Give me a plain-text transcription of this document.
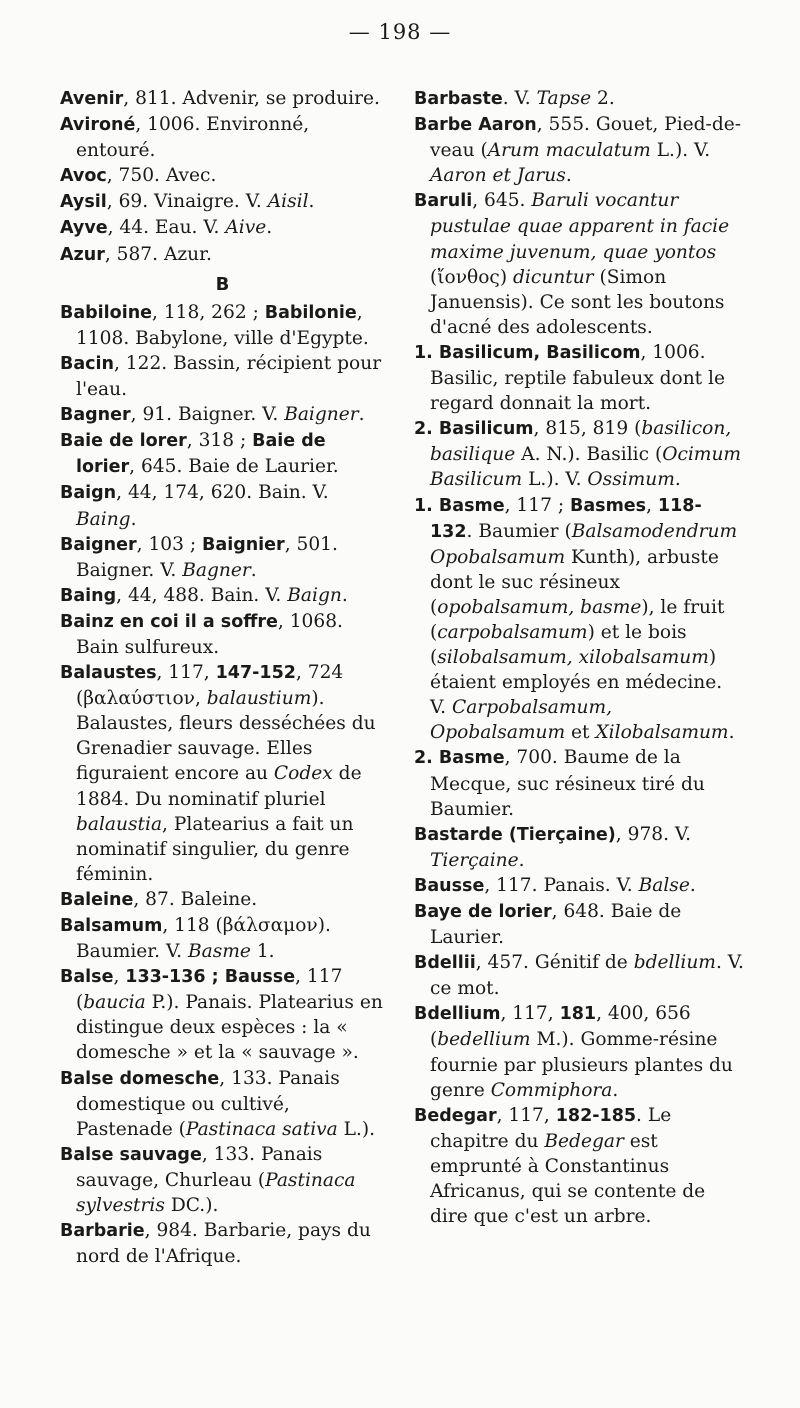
— 198 —

Avenir, 811. Advenir, se produire.

Avironé, 1006. Environné, entouré.

Avoc, 750. Avec.

Aysil, 69. Vinaigre. V. Aisil.

Ayve, 44. Eau. V. Aive.

Azur, 587. Azur.

B

Babiloine, 118, 262 ; Babilonie, 1108. Babylone, ville d'Egypte.

Bacin, 122. Bassin, récipient pour l'eau.

Bagner, 91. Baigner. V. Baigner.

Baie de lorer, 318 ; Baie de lorier, 645. Baie de Laurier.

Baign, 44, 174, 620. Bain. V. Baing.

Baigner, 103 ; Baignier, 501. Baigner. V. Bagner.

Baing, 44, 488. Bain. V. Baign.

Bainz en coi il a soffre, 1068. Bain sulfureux.

Balaustes, 117, 147-152, 724 (βαλαύστιον, balaustium). Balaustes, fleurs desséchées du Grenadier sauvage. Elles figuraient encore au Codex de 1884. Du nominatif pluriel balaustia, Platearius a fait un nominatif singulier, du genre féminin.

Baleine, 87. Baleine.

Balsamum, 118 (βάλσαμον). Baumier. V. Basme 1.

Balse, 133-136 ; Bausse, 117 (baucia P.). Panais. Platearius en distingue deux espèces : la « domesche » et la « sauvage ».

Balse domesche, 133. Panais domestique ou cultivé, Pastenade (Pastinaca sativa L.).

Balse sauvage, 133. Panais sauvage, Churleau (Pastinaca sylvestris DC.).

Barbarie, 984. Barbarie, pays du nord de l'Afrique.

Barbaste. V. Tapse 2.

Barbe Aaron, 555. Gouet, Pied-de-veau (Arum maculatum L.). V. Aaron et Jarus.

Baruli, 645. Baruli vocantur pustulae quae apparent in facie maxime juvenum, quae yontos (ἴονθος) dicuntur (Simon Januensis). Ce sont les boutons d'acné des adolescents.

1. Basilicum, Basilicom, 1006. Basilic, reptile fabuleux dont le regard donnait la mort.

2. Basilicum, 815, 819 (basilicon, basilique A. N.). Basilic (Ocimum Basilicum L.). V. Ossimum.

1. Basme, 117 ; Basmes, 118-132. Baumier (Balsamodendrum Opobalsamum Kunth), arbuste dont le suc résineux (opobalsamum, basme), le fruit (carpobalsamum) et le bois (silobalsamum, xilobalsamum) étaient employés en médecine. V. Carpobalsamum, Opobalsamum et Xilobalsamum.

2. Basme, 700. Baume de la Mecque, suc résineux tiré du Baumier.

Bastarde (Tierçaine), 978. V. Tierçaine.

Bausse, 117. Panais. V. Balse.

Baye de lorier, 648. Baie de Laurier.

Bdellii, 457. Génitif de bdellium. V. ce mot.

Bdellium, 117, 181, 400, 656 (bedellium M.). Gomme-résine fournie par plusieurs plantes du genre Commiphora.

Bedegar, 117, 182-185. Le chapitre du Bedegar est emprunté à Constantinus Africanus, qui se contente de dire que c'est un arbre.
